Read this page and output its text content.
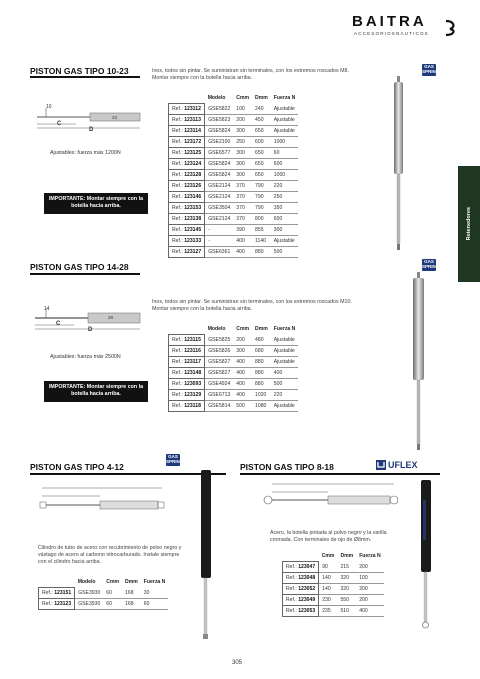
BAITRA
ACCESORIOSNAUTICOS
Retenedores
PISTON GAS TIPO 10-23	Inox, todos sin pintar. Se suministran sin terminales, con los extremos roscados M8. Montar siempre con la botella hacia arriba.
10
23
C
D
Ajustables: fuerza máx 1200N
IMPORTANTE: Montar siempre con la botella hacia arriba.
	Modelo	Cmm	Dmm	Fuerza N
Ref.: 123112	GSE5822	100	240	Ajustable
Ref.: 123113	GSE5823	200	450	Ajustable
Ref.: 123114	GSE5824	300	650	Ajustable
Ref.: 123172	GSE2100	250	600	1000
Ref.: 123125	GSE6577	300	650	60
Ref.: 123124	GSE5824	300	650	600
Ref.: 123128	GSE5824	300	650	1000
Ref.: 123126	GSE2124	370	790	220
Ref.: 123146	GSE2124	370	790	250
Ref.: 123153	GSE3504	370	790	350
Ref.: 123138	GSE2124	370	800	600
Ref.: 123145	-	390	855	300
Ref.: 123133	-	400	1140	Ajustable
Ref.: 123127	GSE6361	400	880	500
GAS SPRINGS
PISTON GAS TIPO 14-28
Inox, todos sin pintar. Se suministran sin terminales, con los extremos roscados M10. Montar siempre con la botella hacia arriba.
14
28
C
D
Ajustables: fuerza máx 2500N
IMPORTANTE: Montar siempre con la botella hacia arriba.
	Modelo	Cmm	Dmm	Fuerza N
Ref.: 123115	GSE5825	200	480	Ajustable
Ref.: 123116	GSE5826	300	680	Ajustable
Ref.: 123117	GSE5827	400	880	Ajustable
Ref.: 123148	GSE5827	400	880	400
Ref.: 123093	GSE4924	400	880	500
Ref.: 123129	GSE6713	400	1020	220
Ref.: 123118	GSE5814	500	1080	Ajustable
GAS SPRINGS
PISTON GAS TIPO 4-12
GAS SPRINGS
Cilindro de tubo de acero con recubrimiento de polvo negro y vástago de acero al carbono nitrocarburado. Instale siempre con el cilindro hacia arriba.
	Modelo	Cmm	Dmm	Fuerza N
Ref.: 123151	GSE3930	60	168	30
Ref.: 123123	GSE3930	60	168	60
PISTON GAS TIPO 8-18	UFLEX
Acero, la botella pintada al polvo negro y la varilla cromada. Con terminales de ojo de Ø8mm.
	Cmm	Dmm	Fuerza N
Ref.: 123047	90	215	200
Ref.: 123048	140	320	100
Ref.: 123052	140	320	200
Ref.: 123049	230	550	200
Ref.: 123053	235	510	400
305
